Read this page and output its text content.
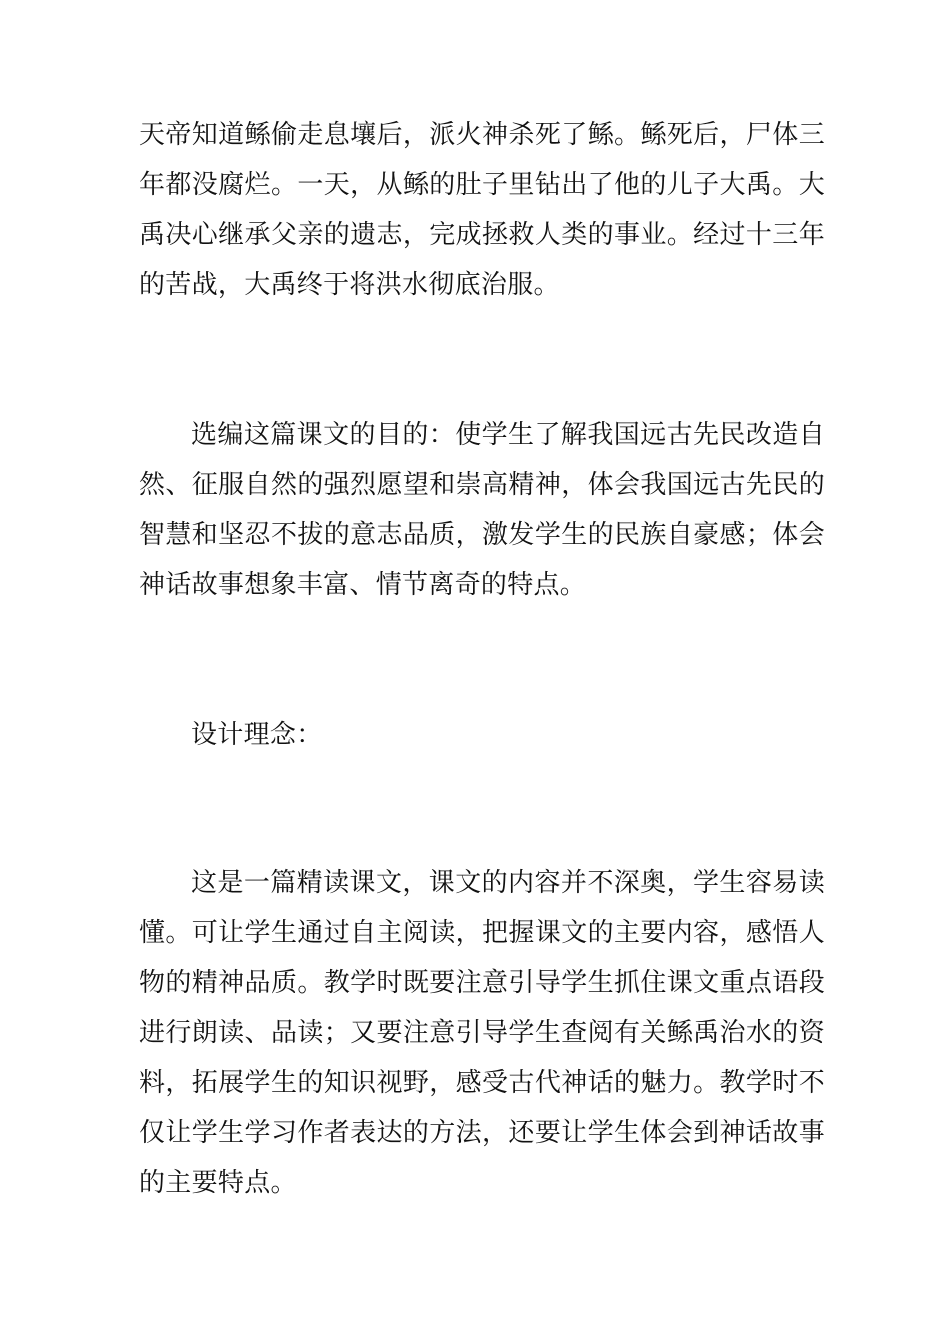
天帝知道鲧偷走息壤后，派火神杀死了鲧。鲧死后，尸体三年都没腐烂。一天，从鲧的肚子里钻出了他的儿子大禹。大禹决心继承父亲的遗志，完成拯救人类的事业。经过十三年的苦战，大禹终于将洪水彻底治服。

选编这篇课文的目的：使学生了解我国远古先民改造自然、征服自然的强烈愿望和崇高精神，体会我国远古先民的智慧和坚忍不拔的意志品质，激发学生的民族自豪感；体会神话故事想象丰富、情节离奇的特点。

设计理念：

这是一篇精读课文，课文的内容并不深奥，学生容易读懂。可让学生通过自主阅读，把握课文的主要内容，感悟人物的精神品质。教学时既要注意引导学生抓住课文重点语段进行朗读、品读；又要注意引导学生查阅有关鲧禹治水的资料，拓展学生的知识视野，感受古代神话的魅力。教学时不仅让学生学习作者表达的方法，还要让学生体会到神话故事的主要特点。
